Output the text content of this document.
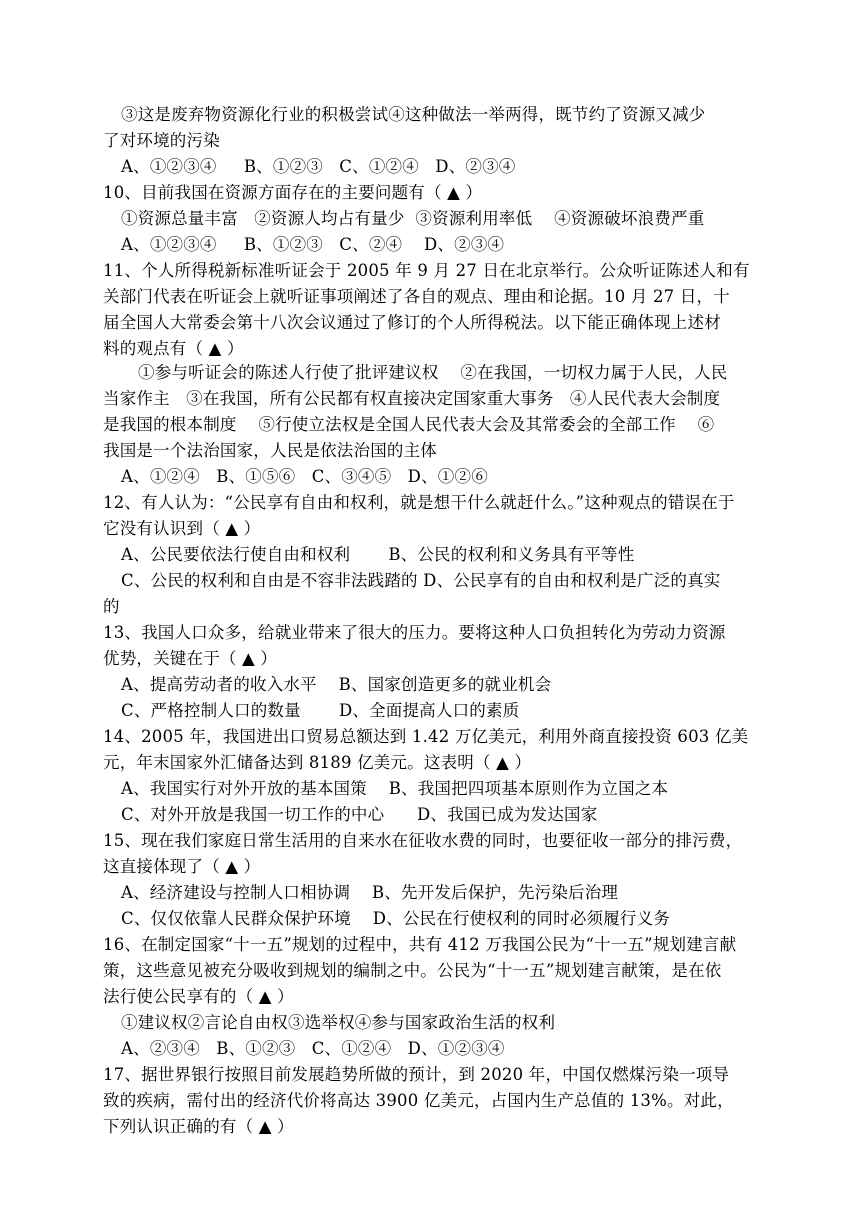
③这是废弃物资源化行业的积极尝试④这种做法一举两得，既节约了资源又减少
了对环境的污染
A、①②③④     B、①②③   C、①②④   D、②③④
10、目前我国在资源方面存在的主要问题有（ ▲ ）
①资源总量丰富   ②资源人均占有量少  ③资源利用率低    ④资源破坏浪费严重
A、①②③④     B、①②③   C、②④    D、②③④
11、个人所得税新标准听证会于 2005 年 9 月 27 日在北京举行。公众听证陈述人和有
关部门代表在听证会上就听证事项阐述了各自的观点、理由和论据。10 月 27 日，十
届全国人大常委会第十八次会议通过了修订的个人所得税法。以下能正确体现上述材
料的观点有（ ▲ ）
①参与听证会的陈述人行使了批评建议权    ②在我国，一切权力属于人民，人民
当家作主   ③在我国，所有公民都有权直接决定国家重大事务   ④人民代表大会制度
是我国的根本制度    ⑤行使立法权是全国人民代表大会及其常委会的全部工作    ⑥
我国是一个法治国家，人民是依法治国的主体
A、①②④   B、①⑤⑥   C、③④⑤   D、①②⑥
12、有人认为：“公民享有自由和权利，就是想干什么就赶什么。”这种观点的错误在于
它没有认识到（ ▲ ）
A、公民要依法行使自由和权利       B、公民的权利和义务具有平等性
C、公民的权利和自由是不容非法践踏的 D、公民享有的自由和权利是广泛的真实
的
13、我国人口众多，给就业带来了很大的压力。要将这种人口负担转化为劳动力资源
优势，关键在于（ ▲ ）
A、提高劳动者的收入水平    B、国家创造更多的就业机会
C、严格控制人口的数量       D、全面提高人口的素质
14、2005 年，我国进出口贸易总额达到 1.42 万亿美元，利用外商直接投资 603 亿美
元，年末国家外汇储备达到 8189 亿美元。这表明（ ▲ ）
A、我国实行对外开放的基本国策    B、我国把四项基本原则作为立国之本
C、对外开放是我国一切工作的中心      D、我国已成为发达国家
15、现在我们家庭日常生活用的自来水在征收水费的同时，也要征收一部分的排污费，
这直接体现了（ ▲ ）
A、经济建设与控制人口相协调    B、先开发后保护，先污染后治理
C、仅仅依靠人民群众保护环境    D、公民在行使权利的同时必须履行义务
16、在制定国家“十一五”规划的过程中，共有 412 万我国公民为“十一五”规划建言献
策，这些意见被充分吸收到规划的编制之中。公民为“十一五”规划建言献策，是在依
法行使公民享有的（ ▲ ）
①建议权②言论自由权③选举权④参与国家政治生活的权利
A、②③④   B、①②③   C、①②④   D、①②③④
17、据世界银行按照目前发展趋势所做的预计，到 2020 年，中国仅燃煤污染一项导
致的疾病，需付出的经济代价将高达 3900 亿美元，占国内生产总值的 13%。对此，
下列认识正确的有（ ▲ ）
